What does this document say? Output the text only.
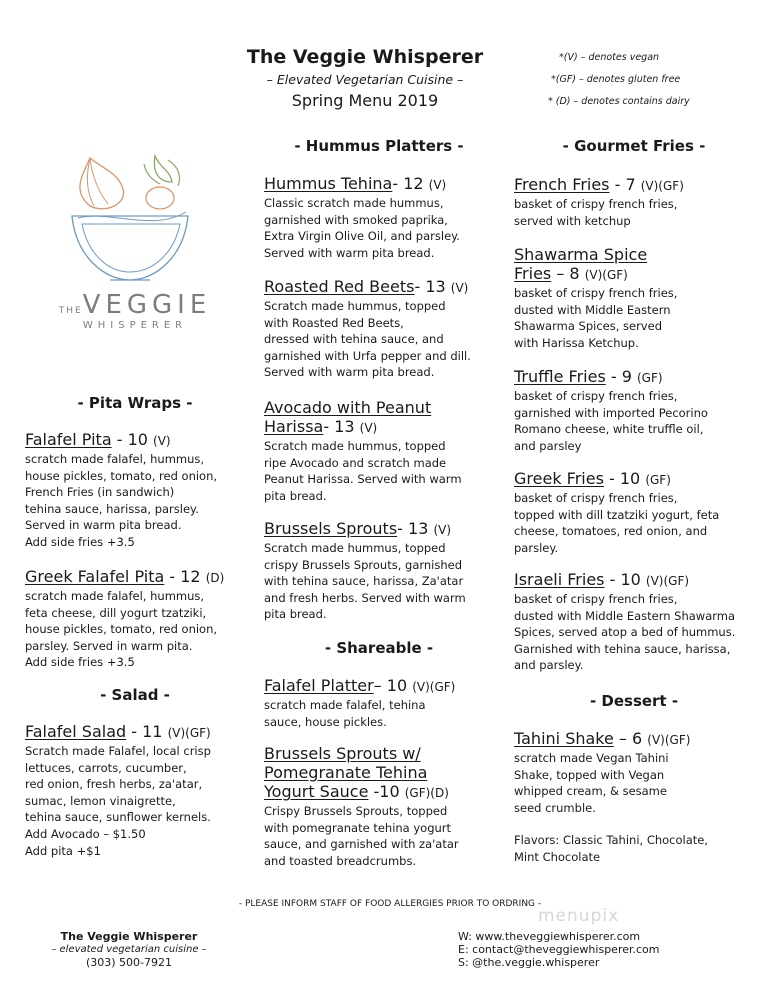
The Veggie Whisperer
– Elevated Vegetarian Cuisine –
Spring Menu 2019
*(V) – denotes vegan
*(GF) – denotes gluten free
* (D) – denotes contains dairy
THEVEGGIE
WHISPERER
- Hummus Platters -	- Gourmet Fries -
- Pita Wraps -
- Shareable -
- Salad -	- Dessert -
Falafel Pita - 10 (V)
scratch made falafel, hummus,
house pickles, tomato, red onion,
French Fries (in sandwich)
tehina sauce, harissa, parsley.
Served in warm pita bread.
Add side fries +3.5
Greek Falafel Pita - 12 (D)
scratch made falafel, hummus,
feta cheese, dill yogurt tzatziki,
house pickles, tomato, red onion,
parsley. Served in warm pita.
Add side fries +3.5
Falafel Salad - 11 (V)(GF)
Scratch made Falafel, local crisp
lettuces, carrots, cucumber,
red onion, fresh herbs, za'atar,
sumac, lemon vinaigrette,
tehina sauce, sunflower kernels.
Add Avocado – $1.50
Add pita +$1
Hummus Tehina- 12 (V)
Classic scratch made hummus,
garnished with smoked paprika,
Extra Virgin Olive Oil, and parsley.
Served with warm pita bread.
Roasted Red Beets- 13 (V)
Scratch made hummus, topped
with Roasted Red Beets,
dressed with tehina sauce, and
garnished with Urfa pepper and dill.
Served with warm pita bread.
Avocado with Peanut
Harissa- 13 (V)
Scratch made hummus, topped
ripe Avocado and scratch made
Peanut Harissa. Served with warm
pita bread.
Brussels Sprouts- 13 (V)
Scratch made hummus, topped
crispy Brussels Sprouts, garnished
with tehina sauce, harissa, Za'atar
and fresh herbs. Served with warm
pita bread.
Falafel Platter– 10 (V)(GF)
scratch made falafel, tehina
sauce, house pickles.
Brussels Sprouts w/
Pomegranate Tehina
Yogurt Sauce -10 (GF)(D)
Crispy Brussels Sprouts, topped
with pomegranate tehina yogurt
sauce, and garnished with za'atar
and toasted breadcrumbs.
French Fries - 7 (V)(GF)
basket of crispy french fries,
served with ketchup
Shawarma Spice
Fries – 8 (V)(GF)
basket of crispy french fries,
dusted with Middle Eastern
Shawarma Spices, served
with Harissa Ketchup.
Truffle Fries - 9 (GF)
basket of crispy french fries,
garnished with imported Pecorino
Romano cheese, white truffle oil,
and parsley
Greek Fries - 10 (GF)
basket of crispy french fries,
topped with dill tzatziki yogurt, feta
cheese, tomatoes, red onion, and
parsley.
Israeli Fries - 10 (V)(GF)
basket of crispy french fries,
dusted with Middle Eastern Shawarma
Spices, served atop a bed of hummus.
Garnished with tehina sauce, harissa,
and parsley.
Tahini Shake – 6 (V)(GF)
scratch made Vegan Tahini
Shake, topped with Vegan
whipped cream, & sesame
seed crumble.
Flavors: Classic Tahini, Chocolate,
Mint Chocolate
- PLEASE INFORM STAFF OF FOOD ALLERGIES PRIOR TO ORDRING -
The Veggie Whisperer
– elevated vegetarian cuisine –
(303) 500-7921
W: www.theveggiewhisperer.com
E: contact@theveggiewhisperer.com
S: @the.veggie.whisperer
menupix
